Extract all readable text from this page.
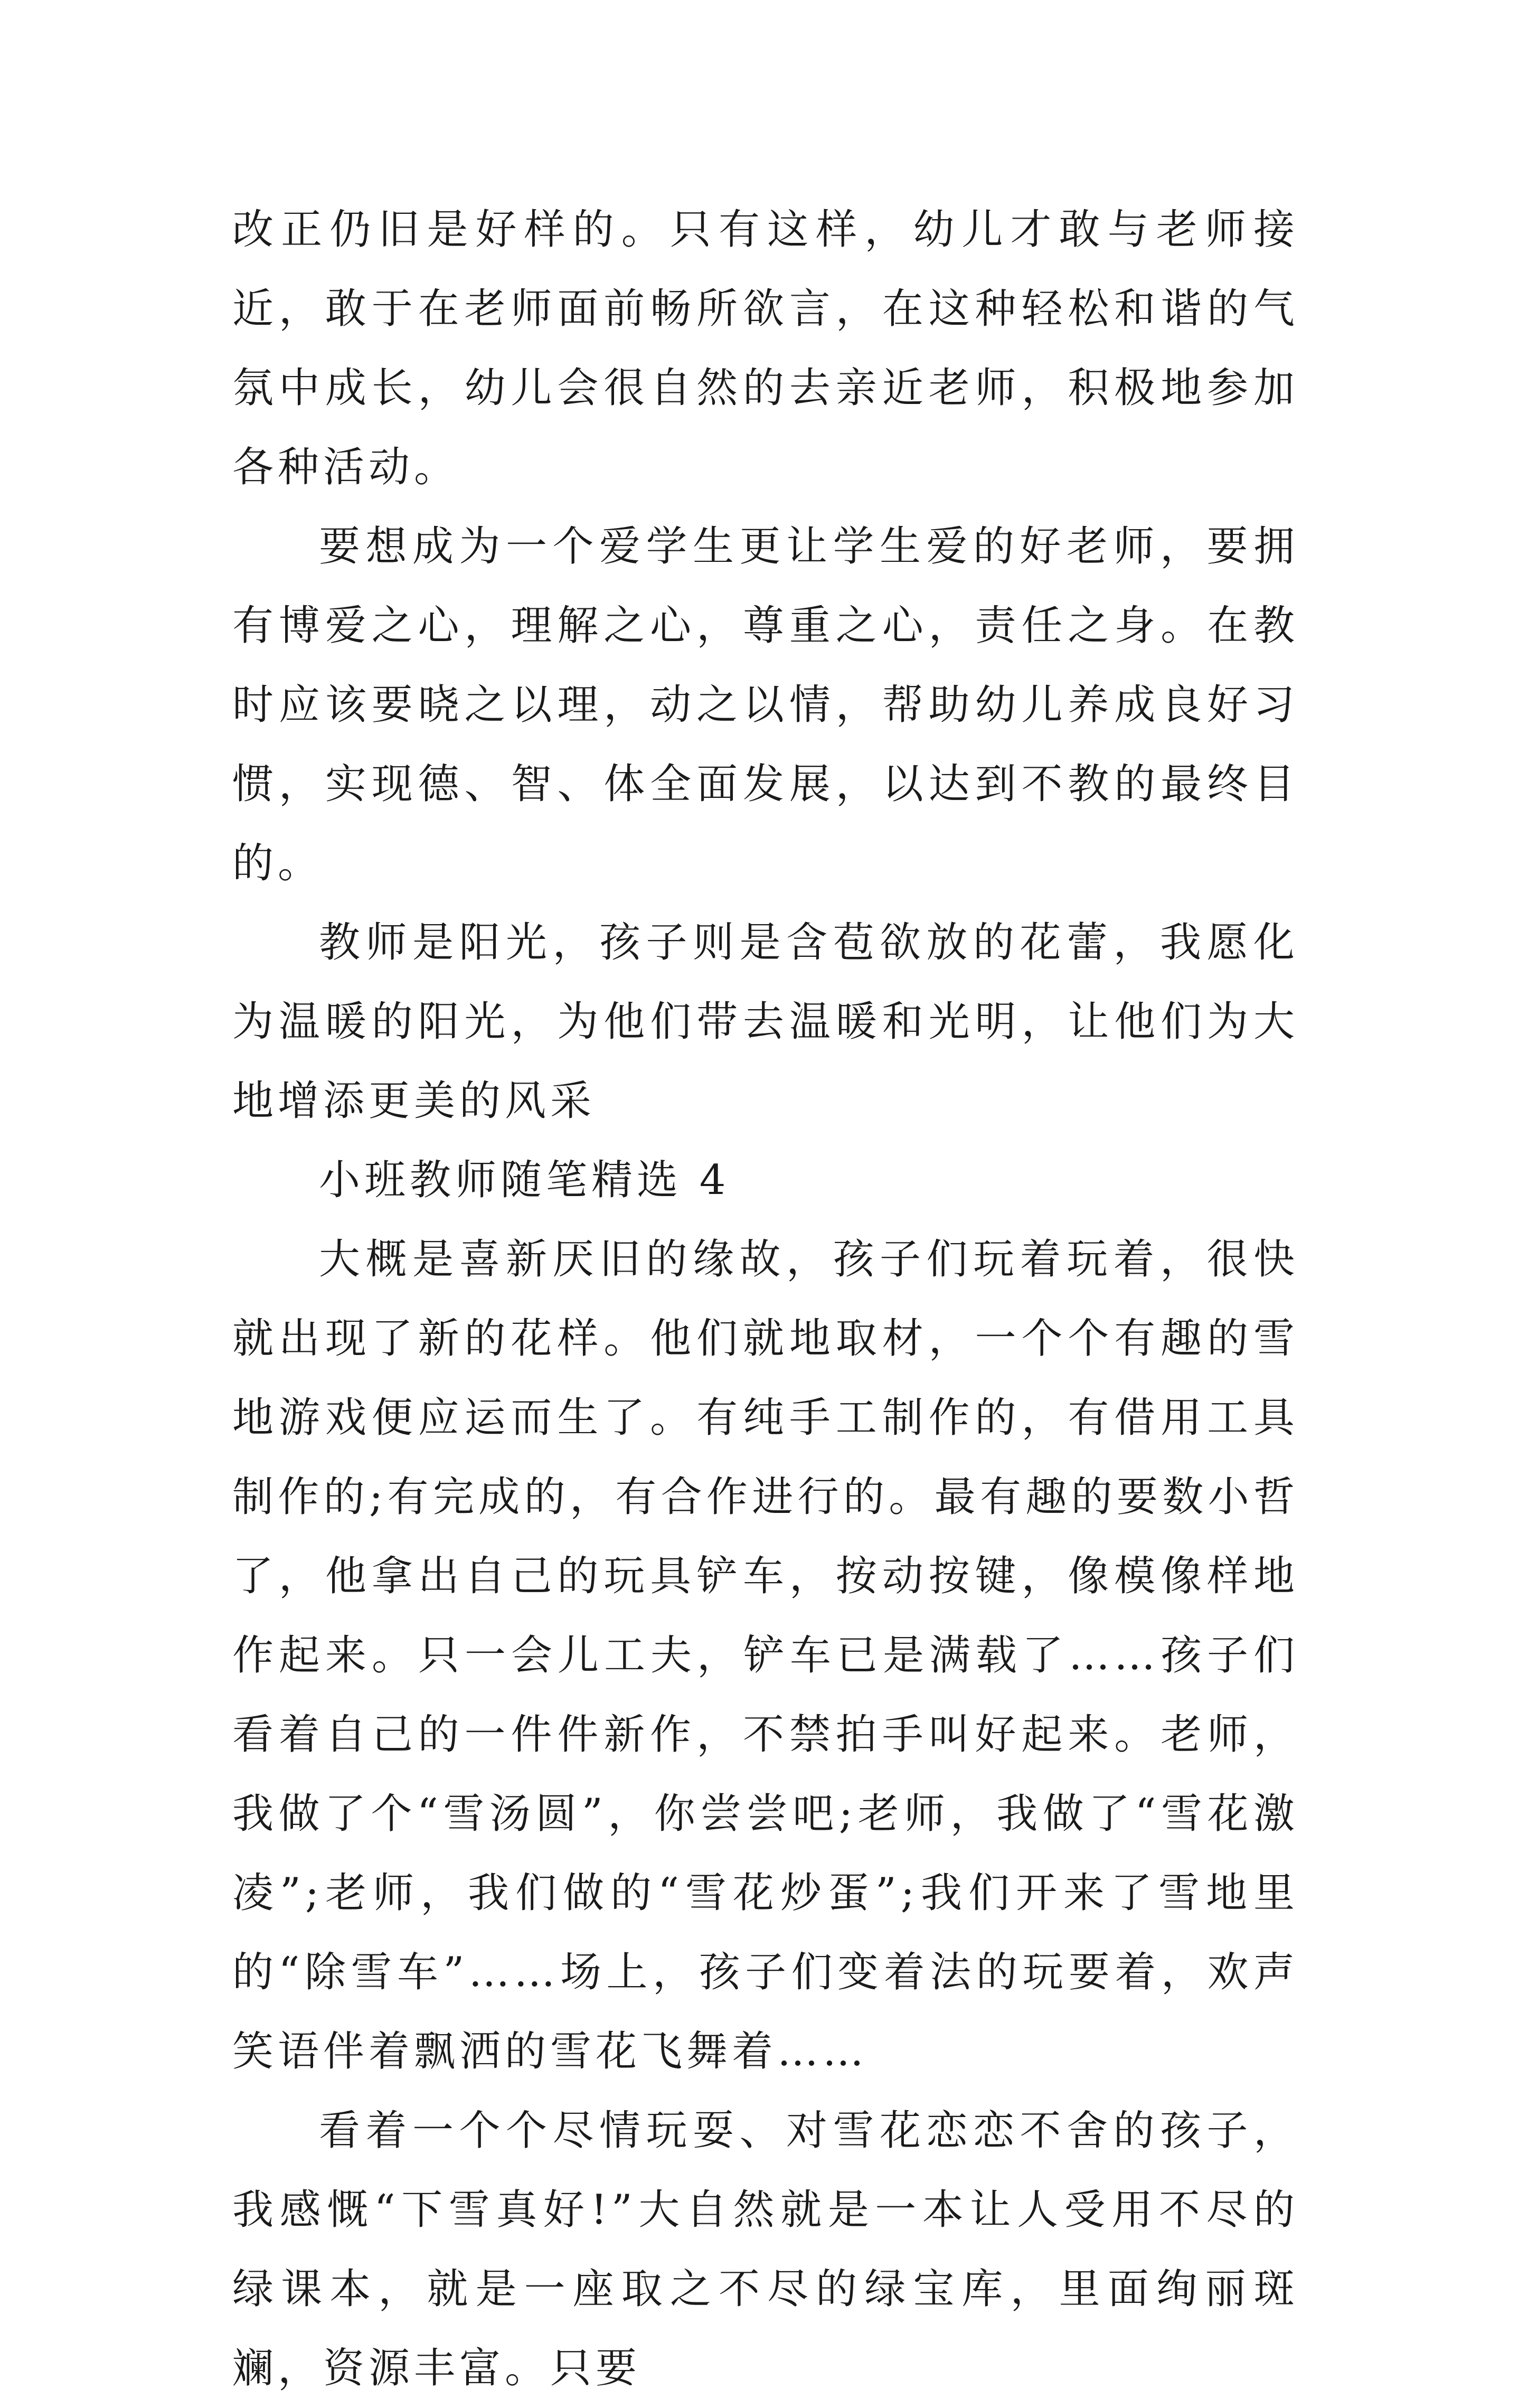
改正仍旧是好样的。只有这样，幼儿才敢与老师接近，敢于在老师面前畅所欲言，在这种轻松和谐的气氛中成长，幼儿会很自然的去亲近老师，积极地参加各种活动。

要想成为一个爱学生更让学生爱的好老师，要拥有博爱之心，理解之心，尊重之心，责任之身。在教时应该要晓之以理，动之以情，帮助幼儿养成良好习惯，实现德、智、体全面发展，以达到不教的最终目的。

教师是阳光，孩子则是含苞欲放的花蕾，我愿化为温暖的阳光，为他们带去温暖和光明，让他们为大地增添更美的风采

小班教师随笔精选 4

大概是喜新厌旧的缘故，孩子们玩着玩着，很快就出现了新的花样。他们就地取材，一个个有趣的雪地游戏便应运而生了。有纯手工制作的，有借用工具制作的;有完成的，有合作进行的。最有趣的要数小哲了，他拿出自己的玩具铲车，按动按键，像模像样地作起来。只一会儿工夫，铲车已是满载了……孩子们看着自己的一件件新作，不禁拍手叫好起来。老师，我做了个“雪汤圆”，你尝尝吧;老师，我做了“雪花激凌”;老师，我们做的“雪花炒蛋”;我们开来了雪地里的“除雪车”……场上，孩子们变着法的玩要着，欢声笑语伴着飘洒的雪花飞舞着……

看着一个个尽情玩耍、对雪花恋恋不舍的孩子，我感慨“下雪真好!”大自然就是一本让人受用不尽的绿课本，就是一座取之不尽的绿宝库，里面绚丽斑斓，资源丰富。只要
